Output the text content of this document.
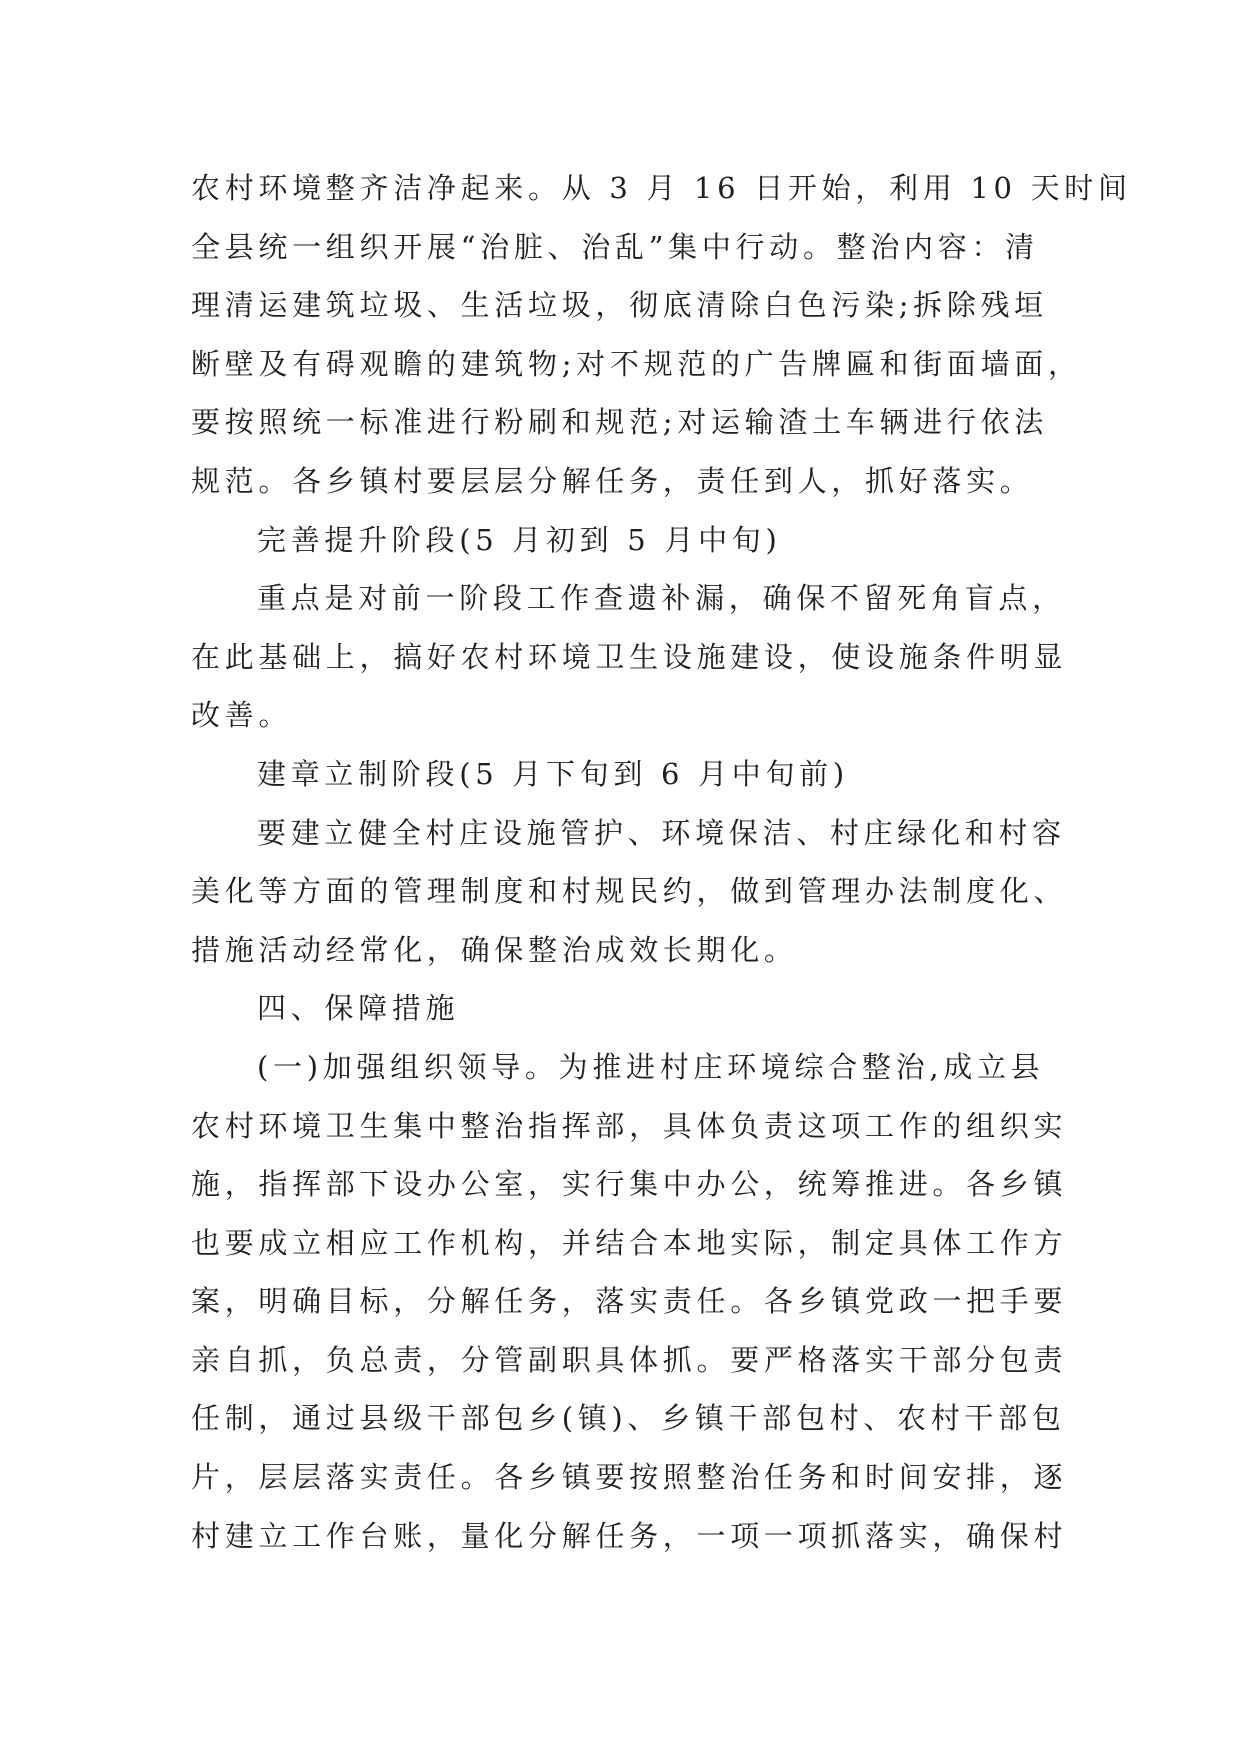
农村环境整齐洁净起来。从 3 月 16 日开始，利用 10 天时间
全县统一组织开展“治脏、治乱”集中行动。整治内容：清
理清运建筑垃圾、生活垃圾，彻底清除白色污染;拆除残垣
断壁及有碍观瞻的建筑物;对不规范的广告牌匾和街面墙面，
要按照统一标准进行粉刷和规范;对运输渣土车辆进行依法
规范。各乡镇村要层层分解任务，责任到人，抓好落实。
完善提升阶段(5 月初到 5 月中旬)
重点是对前一阶段工作查遗补漏，确保不留死角盲点，
在此基础上，搞好农村环境卫生设施建设，使设施条件明显
改善。
建章立制阶段(5 月下旬到 6 月中旬前)
要建立健全村庄设施管护、环境保洁、村庄绿化和村容
美化等方面的管理制度和村规民约，做到管理办法制度化、
措施活动经常化，确保整治成效长期化。
四、保障措施
(一)加强组织领导。为推进村庄环境综合整治,成立县
农村环境卫生集中整治指挥部，具体负责这项工作的组织实
施，指挥部下设办公室，实行集中办公，统筹推进。各乡镇
也要成立相应工作机构，并结合本地实际，制定具体工作方
案，明确目标，分解任务，落实责任。各乡镇党政一把手要
亲自抓，负总责，分管副职具体抓。要严格落实干部分包责
任制，通过县级干部包乡(镇)、乡镇干部包村、农村干部包
片，层层落实责任。各乡镇要按照整治任务和时间安排，逐
村建立工作台账，量化分解任务，一项一项抓落实，确保村
